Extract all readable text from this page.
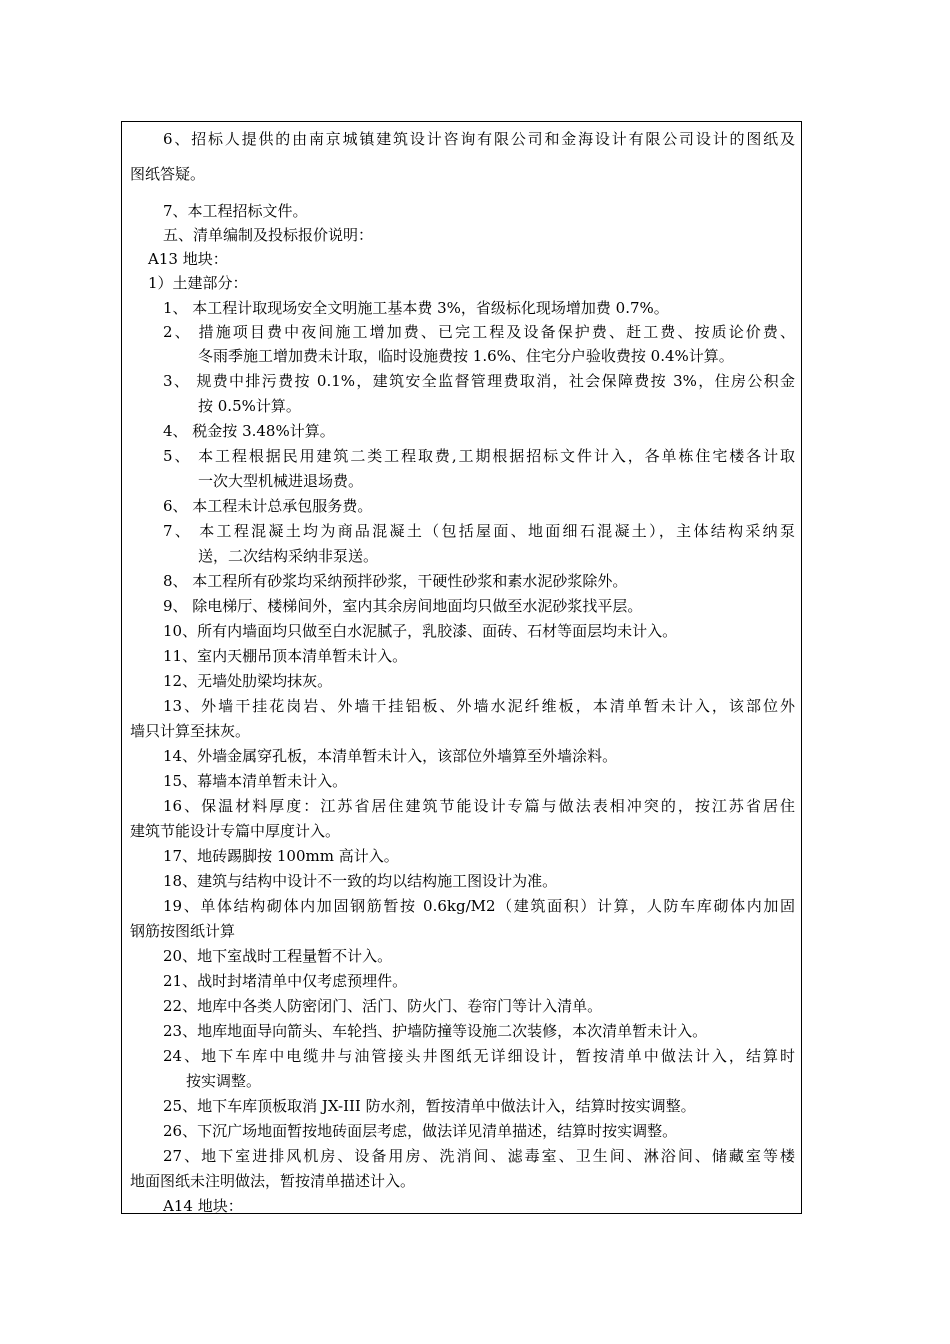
6、招标人提供的由南京城镇建筑设计咨询有限公司和金海设计有限公司设计的图纸及
图纸答疑。
7、本工程招标文件。
五、清单编制及投标报价说明：
A13 地块：
1）土建部分：
1、 本工程计取现场安全文明施工基本费 3%，省级标化现场增加费 0.7%。
2、 措施项目费中夜间施工增加费、已完工程及设备保护费、赶工费、按质论价费、
冬雨季施工增加费未计取，临时设施费按 1.6%、住宅分户验收费按 0.4%计算。
3、 规费中排污费按 0.1%，建筑安全监督管理费取消，社会保障费按 3%，住房公积金
按 0.5%计算。
4、 税金按 3.48%计算。
5、 本工程根据民用建筑二类工程取费,工期根据招标文件计入，各单栋住宅楼各计取
一次大型机械进退场费。
6、 本工程未计总承包服务费。
7、 本工程混凝土均为商品混凝土（包括屋面、地面细石混凝土），主体结构采纳泵
送，二次结构采纳非泵送。
8、 本工程所有砂浆均采纳预拌砂浆，干硬性砂浆和素水泥砂浆除外。
9、 除电梯厅、楼梯间外，室内其余房间地面均只做至水泥砂浆找平层。
10、所有内墙面均只做至白水泥腻子，乳胶漆、面砖、石材等面层均未计入。
11、室内天棚吊顶本清单暂未计入。
12、无墙处肋梁均抹灰。
13、外墙干挂花岗岩、外墙干挂铝板、外墙水泥纤维板，本清单暂未计入，该部位外
墙只计算至抹灰。
14、外墙金属穿孔板，本清单暂未计入，该部位外墙算至外墙涂料。
15、幕墙本清单暂未计入。
16、保温材料厚度：江苏省居住建筑节能设计专篇与做法表相冲突的，按江苏省居住
建筑节能设计专篇中厚度计入。
17、地砖踢脚按 100mm 高计入。
18、建筑与结构中设计不一致的均以结构施工图设计为准。
19、单体结构砌体内加固钢筋暂按 0.6kg/M2（建筑面积）计算，人防车库砌体内加固
钢筋按图纸计算
20、地下室战时工程量暂不计入。
21、战时封堵清单中仅考虑预埋件。
22、地库中各类人防密闭门、活门、防火门、卷帘门等计入清单。
23、地库地面导向箭头、车轮挡、护墙防撞等设施二次装修，本次清单暂未计入。
24、地下车库中电缆井与油管接头井图纸无详细设计，暂按清单中做法计入，结算时
按实调整。
25、地下车库顶板取消 JX-III 防水剂，暂按清单中做法计入，结算时按实调整。
26、下沉广场地面暂按地砖面层考虑，做法详见清单描述，结算时按实调整。
27、地下室进排风机房、设备用房、洗消间、滤毒室、卫生间、淋浴间、储藏室等楼
地面图纸未注明做法，暂按清单描述计入。
A14 地块：
